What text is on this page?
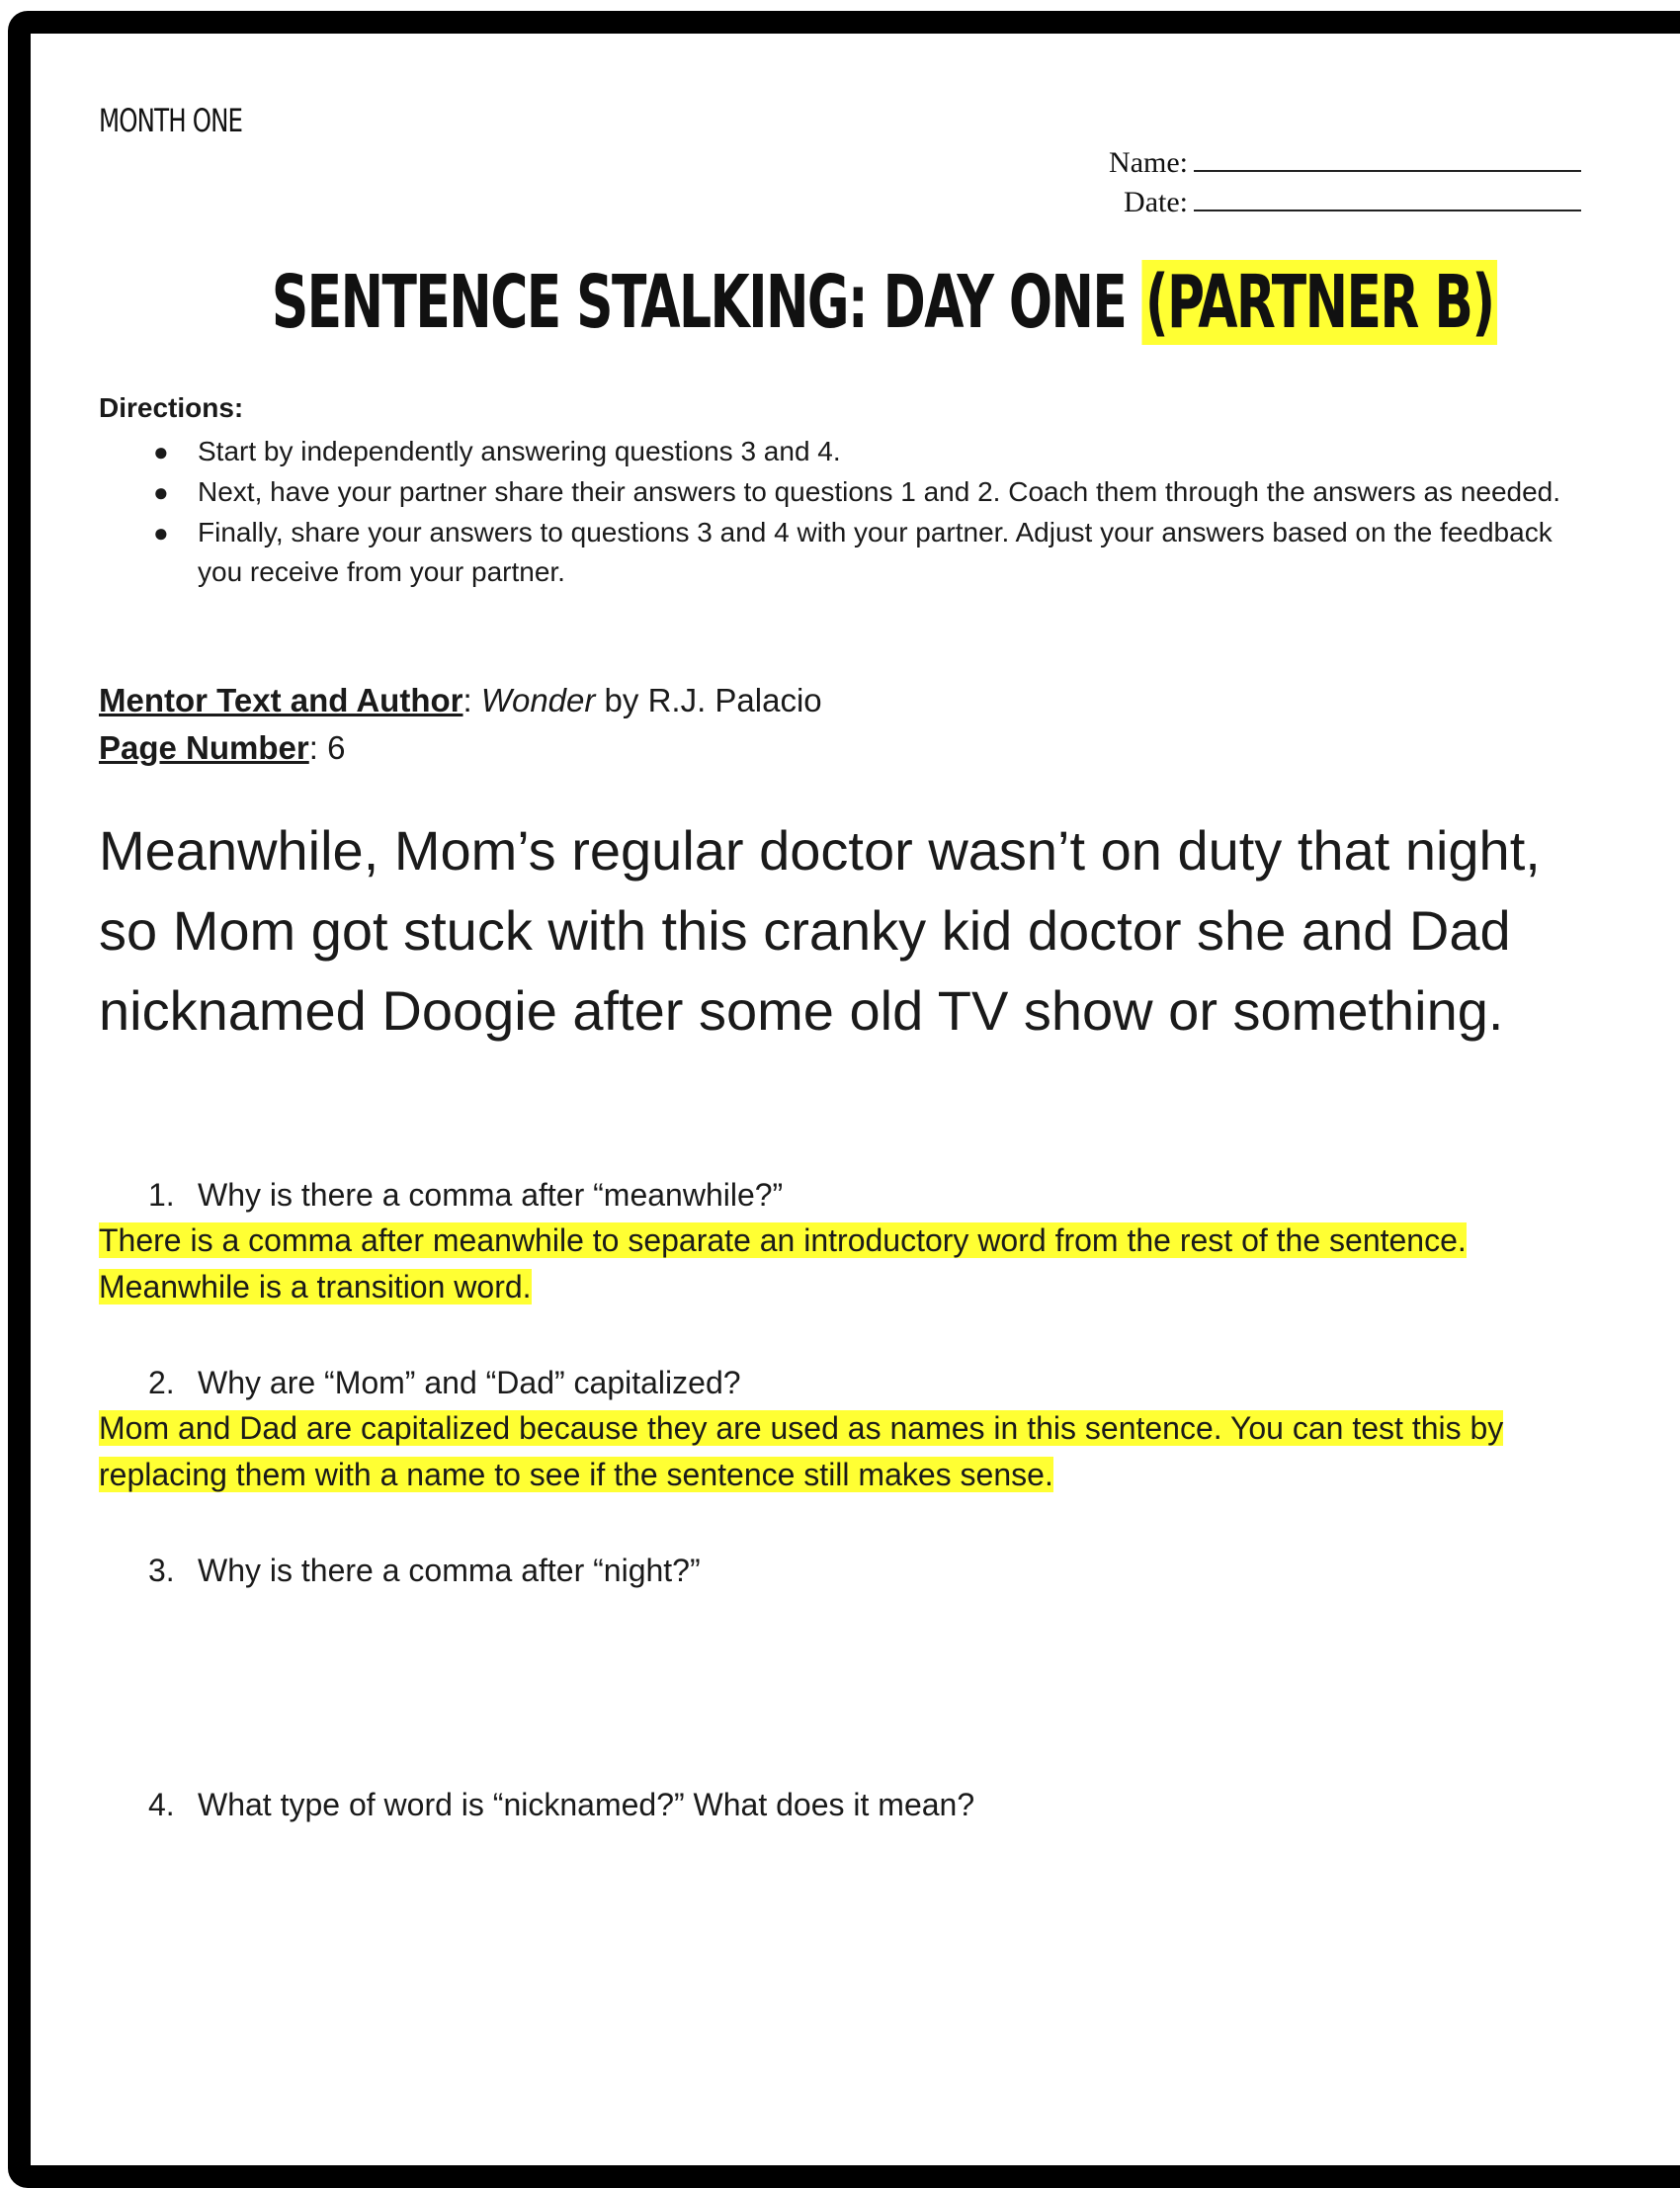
MONTH ONE
Name:
Date:
SENTENCE STALKING: DAY ONE (PARTNER B)
Directions:
● Start by independently answering questions 3 and 4.
● Next, have your partner share their answers to questions 1 and 2. Coach them through the answers as needed.
● Finally, share your answers to questions 3 and 4 with your partner. Adjust your answers based on the feedback you receive from your partner.
Mentor Text and Author: Wonder by R.J. Palacio
Page Number: 6
Meanwhile, Mom’s regular doctor wasn’t on duty that night, so Mom got stuck with this cranky kid doctor she and Dad nicknamed Doogie after some old TV show or something.
1. Why is there a comma after “meanwhile?”
There is a comma after meanwhile to separate an introductory word from the rest of the sentence. Meanwhile is a transition word.
2. Why are “Mom” and “Dad” capitalized?
Mom and Dad are capitalized because they are used as names in this sentence. You can test this by replacing them with a name to see if the sentence still makes sense.
3. Why is there a comma after “night?”
4. What type of word is “nicknamed?” What does it mean?
